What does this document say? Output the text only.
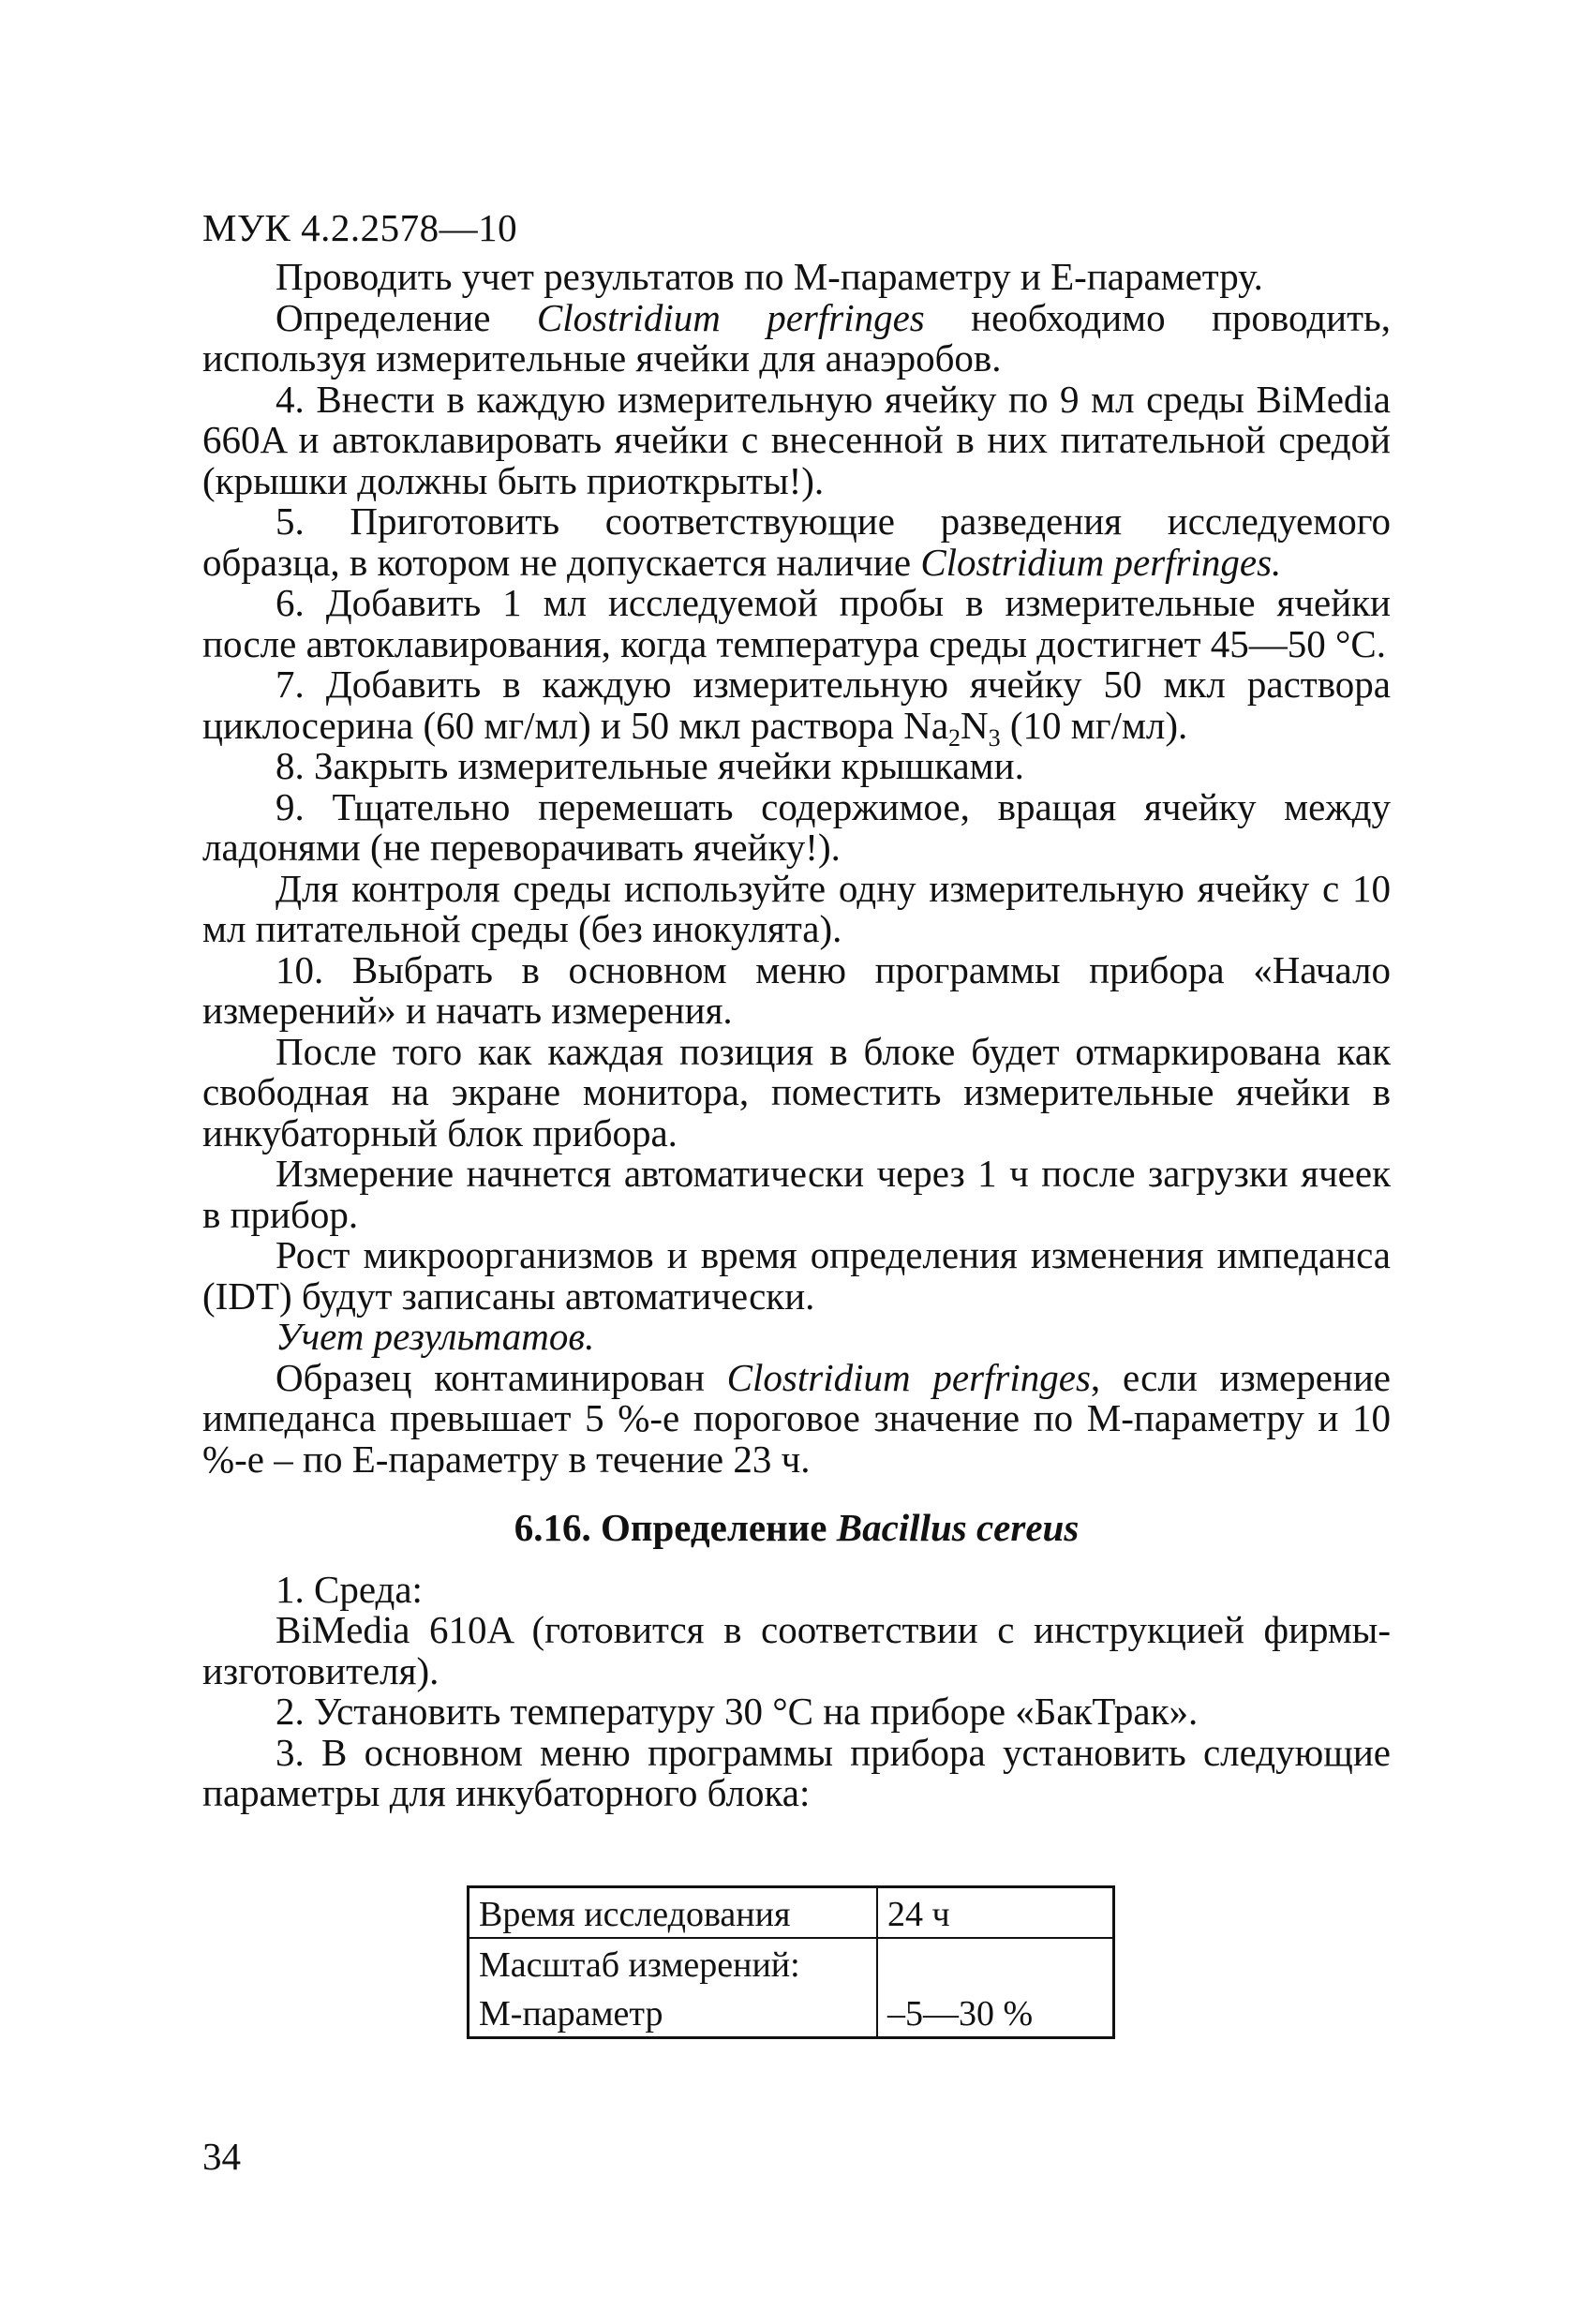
МУК 4.2.2578—10

Проводить учет результатов по М-параметру и Е-параметру.

Определение Clostridium perfringes необходимо проводить, используя измерительные ячейки для анаэробов.

4. Внести в каждую измерительную ячейку по 9 мл среды BiMedia 660A и автоклавировать ячейки с внесенной в них питательной средой (крышки должны быть приоткрыты!).

5. Приготовить соответствующие разведения исследуемого образца, в котором не допускается наличие Clostridium perfringes.

6. Добавить 1 мл исследуемой пробы в измерительные ячейки после автоклавирования, когда температура среды достигнет 45—50 °С.

7. Добавить в каждую измерительную ячейку 50 мкл раствора циклосерина (60 мг/мл) и 50 мкл раствора $Na_2N_3$ (10 мг/мл).

8. Закрыть измерительные ячейки крышками.

9. Тщательно перемешать содержимое, вращая ячейку между ладонями (не переворачивать ячейку!).

Для контроля среды используйте одну измерительную ячейку с 10 мл питательной среды (без инокулята).

10. Выбрать в основном меню программы прибора «Начало измерений» и начать измерения.

После того как каждая позиция в блоке будет отмаркирована как свободная на экране монитора, поместить измерительные ячейки в инкубаторный блок прибора.

Измерение начнется автоматически через 1 ч после загрузки ячеек в прибор.

Рост микроорганизмов и время определения изменения импеданса (IDT) будут записаны автоматически.

Учет результатов.

Образец контаминирован Clostridium perfringes, если измерение импеданса превышает 5 %-е пороговое значение по М-параметру и 10 %-е – по Е-параметру в течение 23 ч.

6.16. Определение Bacillus cereus

1. Среда:

BiMedia 610A (готовится в соответствии с инструкцией фирмы-изготовителя).

2. Установить температуру 30 °С на приборе «БакТрак».

3. В основном меню программы прибора установить следующие параметры для инкубаторного блока:

Время исследования	24 ч
Масштаб измерений:	
М-параметр	–5—30 %
34
